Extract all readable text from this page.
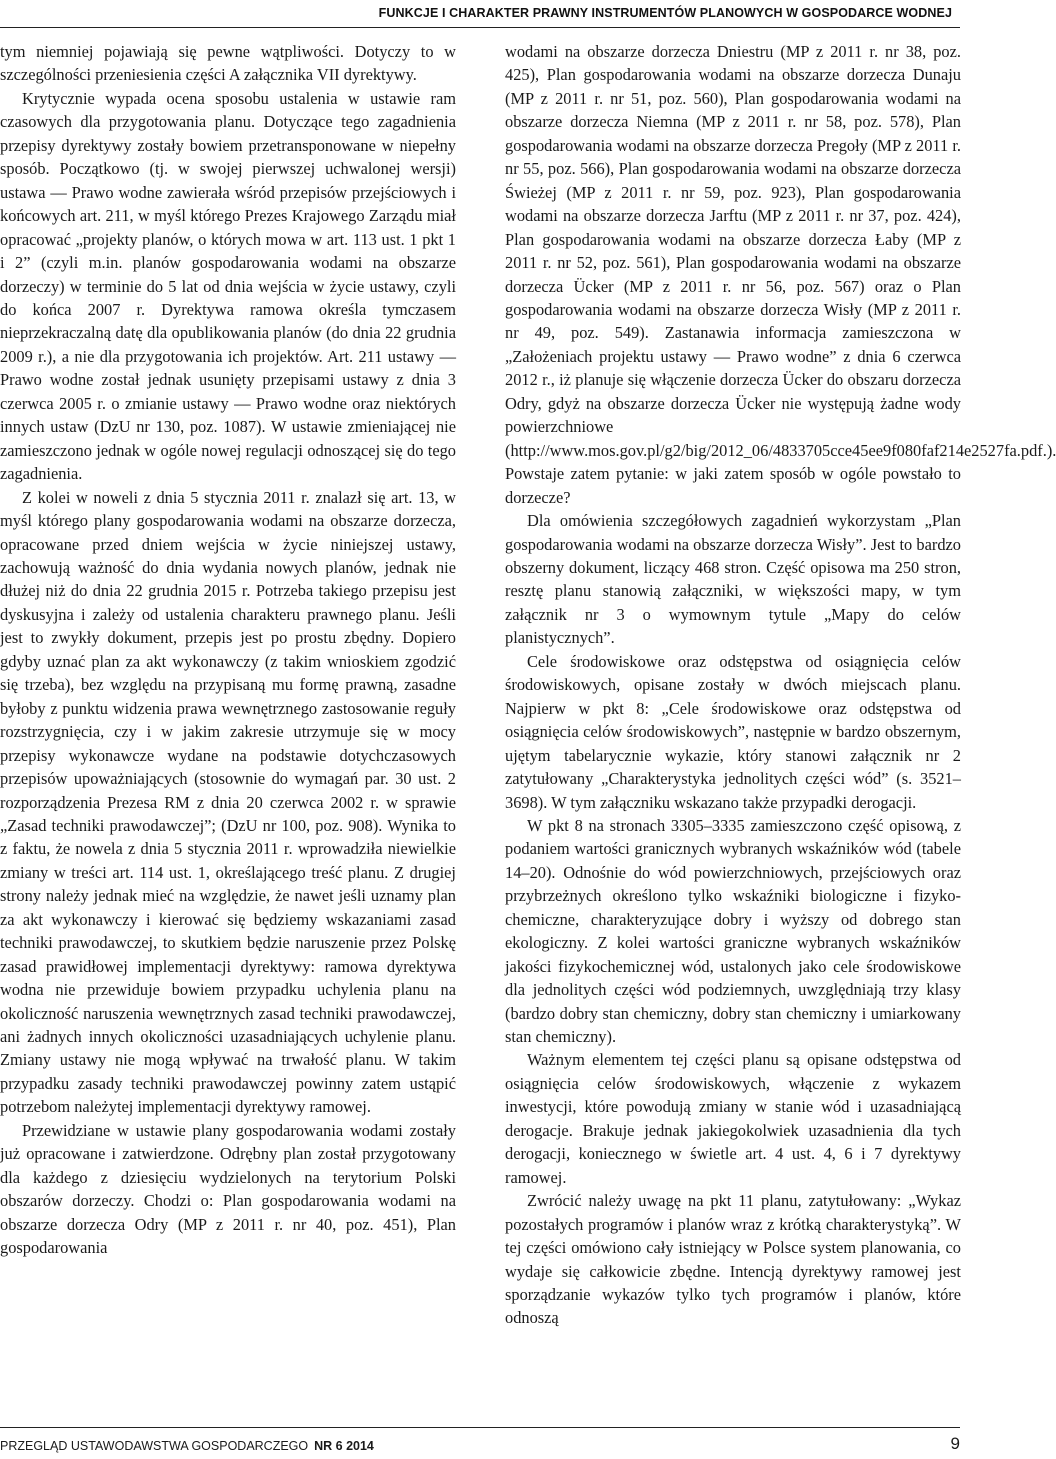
FUNKCJE I CHARAKTER PRAWNY INSTRUMENTÓW PLANOWYCH W GOSPODARCE WODNEJ

tym niemniej pojawiają się pewne wątpliwości. Dotyczy to w szczególności przeniesienia części A załącznika VII dyrektywy.

Krytycznie wypada ocena sposobu ustalenia w ustawie ram czasowych dla przygotowania planu. Dotyczące tego zagadnienia przepisy dyrektywy zostały bowiem przetransponowane w niepełny sposób. Początkowo (tj. w swojej pierwszej uchwalonej wersji) ustawa — Prawo wodne zawierała wśród przepisów przejściowych i końcowych art. 211, w myśl którego Prezes Krajowego Zarządu miał opracować „projekty planów, o których mowa w art. 113 ust. 1 pkt 1 i 2” (czyli m.in. planów gospodarowania wodami na obszarze dorzeczy) w terminie do 5 lat od dnia wejścia w życie ustawy, czyli do końca 2007 r. Dyrektywa ramowa określa tymczasem nieprzekraczalną datę dla opublikowania planów (do dnia 22 grudnia 2009 r.), a nie dla przygotowania ich projektów. Art. 211 ustawy — Prawo wodne został jednak usunięty przepisami ustawy z dnia 3 czerwca 2005 r. o zmianie ustawy — Prawo wodne oraz niektórych innych ustaw (DzU nr 130, poz. 1087). W ustawie zmieniającej nie zamieszczono jednak w ogóle nowej regulacji odnoszącej się do tego zagadnienia.

Z kolei w noweli z dnia 5 stycznia 2011 r. znalazł się art. 13, w myśl którego plany gospodarowania wodami na obszarze dorzecza, opracowane przed dniem wejścia w życie niniejszej ustawy, zachowują ważność do dnia wydania nowych planów, jednak nie dłużej niż do dnia 22 grudnia 2015 r. Potrzeba takiego przepisu jest dyskusyjna i zależy od ustalenia charakteru prawnego planu. Jeśli jest to zwykły dokument, przepis jest po prostu zbędny. Dopiero gdyby uznać plan za akt wykonawczy (z takim wnioskiem zgodzić się trzeba), bez względu na przypisaną mu formę prawną, zasadne byłoby z punktu widzenia prawa wewnętrznego zastosowanie reguły rozstrzygnięcia, czy i w jakim zakresie utrzymuje się w mocy przepisy wykonawcze wydane na podstawie dotychczasowych przepisów upoważniających (stosownie do wymagań par. 30 ust. 2 rozporządzenia Prezesa RM z dnia 20 czerwca 2002 r. w sprawie „Zasad techniki prawodawczej”; (DzU nr 100, poz. 908). Wynika to z faktu, że nowela z dnia 5 stycznia 2011 r. wprowadziła niewielkie zmiany w treści art. 114 ust. 1, określającego treść planu. Z drugiej strony należy jednak mieć na względzie, że nawet jeśli uznamy plan za akt wykonawczy i kierować się będziemy wskazaniami zasad techniki prawodawczej, to skutkiem będzie naruszenie przez Polskę zasad prawidłowej implementacji dyrektywy: ramowa dyrektywa wodna nie przewiduje bowiem przypadku uchylenia planu na okoliczność naruszenia wewnętrznych zasad techniki prawodawczej, ani żadnych innych okoliczności uzasadniających uchylenie planu. Zmiany ustawy nie mogą wpływać na trwałość planu. W takim przypadku zasady techniki prawodawczej powinny zatem ustąpić potrzebom należytej implementacji dyrektywy ramowej.

Przewidziane w ustawie plany gospodarowania wodami zostały już opracowane i zatwierdzone. Odrębny plan został przygotowany dla każdego z dziesięciu wydzielonych na terytorium Polski obszarów dorzeczy. Chodzi o: Plan gospodarowania wodami na obszarze dorzecza Odry (MP z 2011 r. nr 40, poz. 451), Plan gospodarowania

wodami na obszarze dorzecza Dniestru (MP z 2011 r. nr 38, poz. 425), Plan gospodarowania wodami na obszarze dorzecza Dunaju (MP z 2011 r. nr 51, poz. 560), Plan gospodarowania wodami na obszarze dorzecza Niemna (MP z 2011 r. nr 58, poz. 578), Plan gospodarowania wodami na obszarze dorzecza Pregoły (MP z 2011 r. nr 55, poz. 566), Plan gospodarowania wodami na obszarze dorzecza Świeżej (MP z 2011 r. nr 59, poz. 923), Plan gospodarowania wodami na obszarze dorzecza Jarftu (MP z 2011 r. nr 37, poz. 424), Plan gospodarowania wodami na obszarze dorzecza Łaby (MP z 2011 r. nr 52, poz. 561), Plan gospodarowania wodami na obszarze dorzecza Ücker (MP z 2011 r. nr 56, poz. 567) oraz o Plan gospodarowania wodami na obszarze dorzecza Wisły (MP z 2011 r. nr 49, poz. 549). Zastanawia informacja zamieszczona w „Założeniach projektu ustawy — Prawo wodne” z dnia 6 czerwca 2012 r., iż planuje się włączenie dorzecza Ücker do obszaru dorzecza Odry, gdyż na obszarze dorzecza Ücker nie występują żadne wody powierzchniowe (http://www.mos.gov.pl/g2/big/2012_06/4833705cce45ee9f080faf214e2527fa.pdf.). Powstaje zatem pytanie: w jaki zatem sposób w ogóle powstało to dorzecze?

Dla omówienia szczegółowych zagadnień wykorzystam „Plan gospodarowania wodami na obszarze dorzecza Wisły”. Jest to bardzo obszerny dokument, liczący 468 stron. Część opisowa ma 250 stron, resztę planu stanowią załączniki, w większości mapy, w tym załącznik nr 3 o wymownym tytule „Mapy do celów planistycznych”.

Cele środowiskowe oraz odstępstwa od osiągnięcia celów środowiskowych, opisane zostały w dwóch miejscach planu. Najpierw w pkt 8: „Cele środowiskowe oraz odstępstwa od osiągnięcia celów środowiskowych”, następnie w bardzo obszernym, ujętym tabelarycznie wykazie, który stanowi załącznik nr 2 zatytułowany „Charakterystyka jednolitych części wód” (s. 3521–3698). W tym załączniku wskazano także przypadki derogacji.

W pkt 8 na stronach 3305–3335 zamieszczono część opisową, z podaniem wartości granicznych wybranych wskaźników wód (tabele 14–20). Odnośnie do wód powierzchniowych, przejściowych oraz przybrzeżnych określono tylko wskaźniki biologiczne i fizyko-chemiczne, charakteryzujące dobry i wyższy od dobrego stan ekologiczny. Z kolei wartości graniczne wybranych wskaźników jakości fizykochemicznej wód, ustalonych jako cele środowiskowe dla jednolitych części wód podziemnych, uwzględniają trzy klasy (bardzo dobry stan chemiczny, dobry stan chemiczny i umiarkowany stan chemiczny).

Ważnym elementem tej części planu są opisane odstępstwa od osiągnięcia celów środowiskowych, włączenie z wykazem inwestycji, które powodują zmiany w stanie wód i uzasadniającą derogacje. Brakuje jednak jakiegokolwiek uzasadnienia dla tych derogacji, koniecznego w świetle art. 4 ust. 4, 6 i 7 dyrektywy ramowej.

Zwrócić należy uwagę na pkt 11 planu, zatytułowany: „Wykaz pozostałych programów i planów wraz z krótką charakterystyką”. W tej części omówiono cały istniejący w Polsce system planowania, co wydaje się całkowicie zbędne. Intencją dyrektywy ramowej jest sporządzanie wykazów tylko tych programów i planów, które odnoszą

PRZEGLĄD USTAWODAWSTWA GOSPODARCZEGO NR 6 2014	9
